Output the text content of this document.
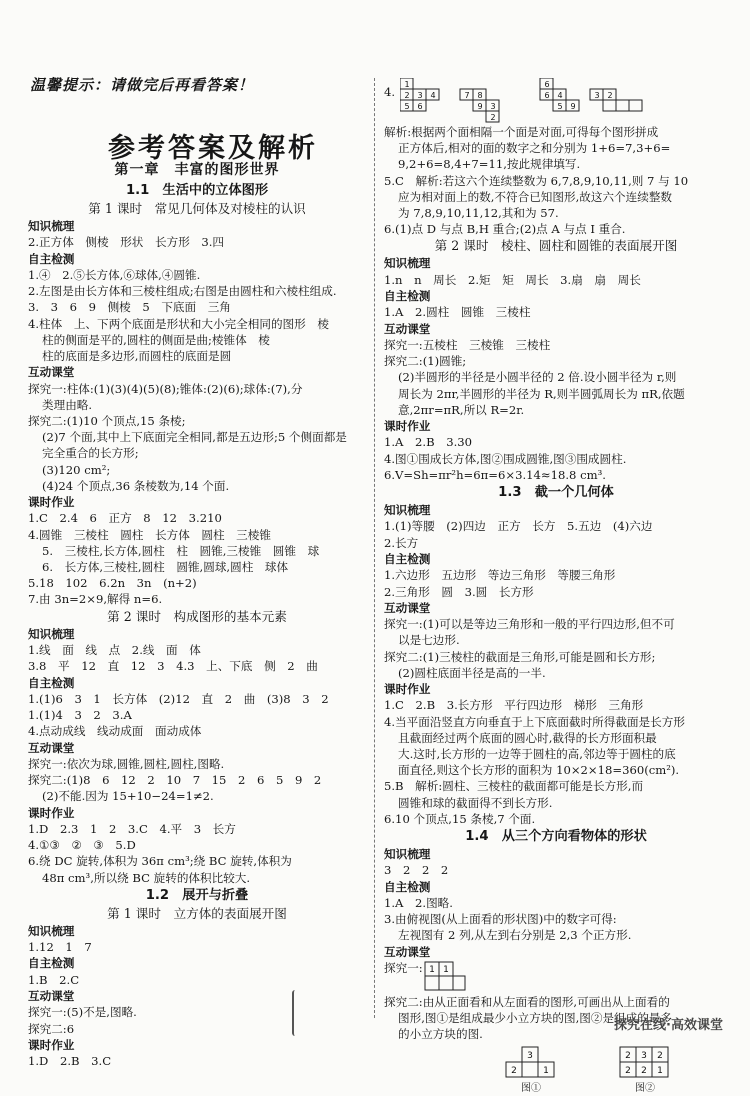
温馨提示：请做完后再看答案！
参考答案及解析
第一章　丰富的图形世界
1.1　生活中的立体图形
第 1 课时　常见几何体及对棱柱的认识
知识梳理
2.正方体　侧棱　形状　长方形　3.四
自主检测
1.④　2.⑤长方体,⑥球体,④圆锥.
2.左图是由长方体和三棱柱组成;右图是由圆柱和六棱柱组成.
3.　3　6　9　侧棱　5　下底面　三角
4.柱体　上、下两个底面是形状和大小完全相同的图形　棱
柱的侧面是平的,圆柱的侧面是曲;棱锥体　棱
柱的底面是多边形,而圆柱的底面是圆
互动课堂
探究一:柱体:(1)(3)(4)(5)(8);锥体:(2)(6);球体:(7),分
类理由略.
探究二:(1)10 个顶点,15 条棱;
(2)7 个面,其中上下底面完全相同,都是五边形;5 个侧面都是
完全重合的长方形;
(3)120 cm²;
(4)24 个顶点,36 条棱数为,14 个面.
课时作业
1.C　2.4　6　正方　8　12　3.210
4.圆锥　三棱柱　圆柱　长方体　圆柱　三棱锥
5.　三棱柱,长方体,圆柱　柱　圆锥,三棱锥　圆锥　球
6.　长方体,三棱柱,圆柱　圆锥,圆球,圆柱　球体
5.18　102　6.2n　3n　(n+2)
7.由 3n=2×9,解得 n=6.
第 2 课时　构成图形的基本元素
知识梳理
1.线　面　线　点　2.线　面　体
3.8　平　12　直　12　3　4.3　上、下底　侧　2　曲
自主检测
1.(1)6　3　1　长方体　(2)12　直　2　曲　(3)8　3　2
1.(1)4　3　2　3.A
4.点动成线　线动成面　面动成体
互动课堂
探究一:依次为球,圆锥,圆柱,圆柱,图略.
探究二:(1)8　6　12　2　10　7　15　2　6　5　9　2
(2)不能.因为 15+10−24=1≠2.
课时作业
1.D　2.3　1　2　3.C　4.平　3　长方
4.①③　②　③　5.D
6.绕 DC 旋转,体积为 36π cm³;绕 BC 旋转,体积为
48π cm³,所以绕 BC 旋转的体积比较大.
1.2　展开与折叠
第 1 课时　立方体的表面展开图
知识梳理
1.12　1　7
自主检测
1.B　2.C
互动课堂
探究一:(5)不是,图略.
探究二:6
课时作业
1.D　2.B　3.C
4.
1
2 3 4
5 6
7 8
9 3
2
6
6 4
5 9
3 2
解析:根据两个面相隔一个面是对面,可得每个图形拼成
正方体后,相对的面的数字之和分别为 1+6=7,3+6=
9,2+6=8,4+7=11,按此规律填写.
5.C　解析:若这六个连续整数为 6,7,8,9,10,11,则 7 与 10
应为相对面上的数,不符合已知图形,故这六个连续整数
为 7,8,9,10,11,12,其和为 57.
6.(1)点 D 与点 B,H 重合;(2)点 A 与点 I 重合.
第 2 课时　棱柱、圆柱和圆锥的表面展开图
知识梳理
1.n　n　周长　2.矩　矩　周长　3.扇　扇　周长
自主检测
1.A　2.圆柱　圆锥　三棱柱
互动课堂
探究一:五棱柱　三棱锥　三棱柱
探究二:(1)圆锥;
(2)半圆形的半径是小圆半径的 2 倍.设小圆半径为 r,则
周长为 2πr,半圆形的半径为 R,则半圆弧周长为 πR,依题
意,2πr=πR,所以 R=2r.
课时作业
1.A　2.B　3.30
4.图①围成长方体,图②围成圆锥,图③围成圆柱.
6.V=Sh=πr²h=6π=6×3.14≈18.8 cm³.
1.3　截一个几何体
知识梳理
1.(1)等腰　(2)四边　正方　长方　5.五边　(4)六边
2.长方
自主检测
1.六边形　五边形　等边三角形　等腰三角形
2.三角形　圆　3.圆　长方形
互动课堂
探究一:(1)可以是等边三角形和一般的平行四边形,但不可
以是七边形.
探究二:(1)三棱柱的截面是三角形,可能是圆和长方形;
(2)圆柱底面半径是高的一半.
课时作业
1.C　2.B　3.长方形　平行四边形　梯形　三角形
4.当平面沿竖直方向垂直于上下底面截时所得截面是长方形
且截面经过两个底面的圆心时,截得的长方形面积最
大.这时,长方形的一边等于圆柱的高,邻边等于圆柱的底
面直径,则这个长方形的面积为 10×2×18=360(cm²).
5.B　解析:圆柱、三棱柱的截面都可能是长方形,而
圆锥和球的截面得不到长方形.
6.10 个顶点,15 条棱,7 个面.
1.4　从三个方向看物体的形状
知识梳理
3　2　2　2
自主检测
1.A　2.图略.
3.由俯视图(从上面看的形状图)中的数字可得:
左视图有 2 列,从左到右分别是 2,3 个正方形.
互动课堂
探究一: 1 1
探究二:由从正面看和从左面看的图形,可画出从上面看的
图形,图①是组成最少小立方块的图,图②是组成的最多
的小立方块的图.
3
2	1
图①
2 3 2
2 2 1
图②
探究在线·高效课堂
